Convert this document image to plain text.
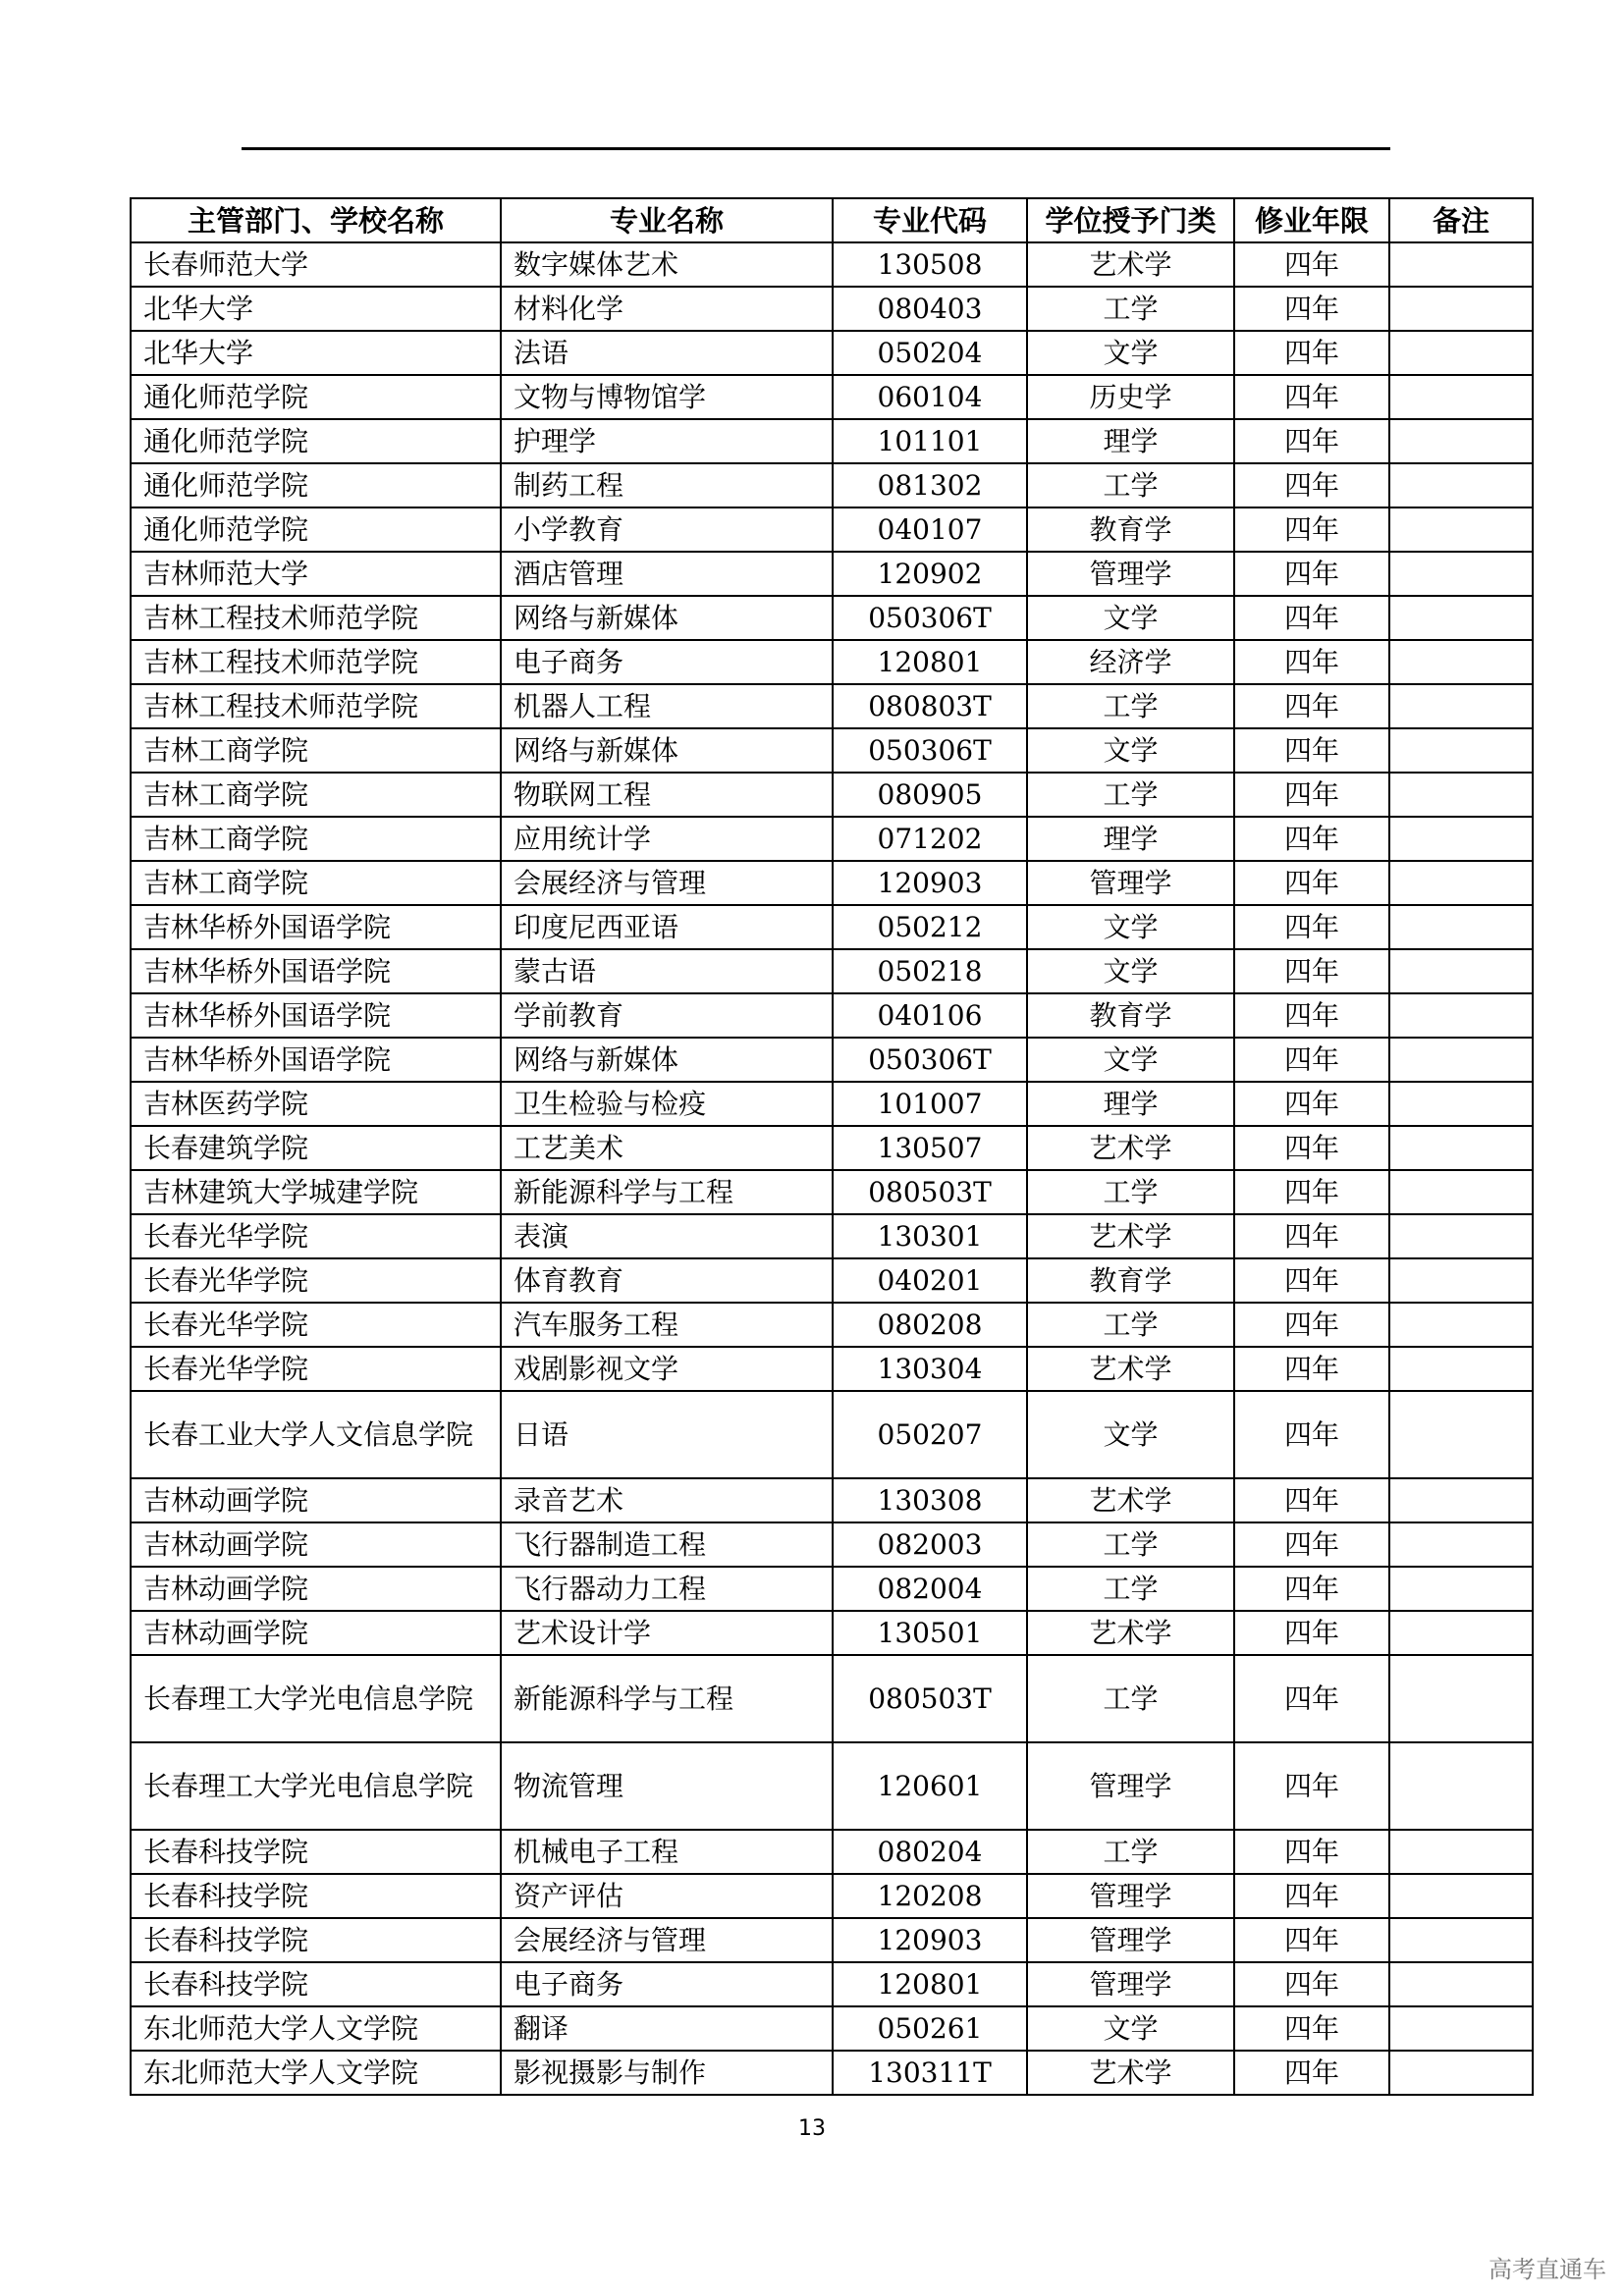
主管部门、学校名称	专业名称	专业代码	学位授予门类	修业年限	备注
长春师范大学	数字媒体艺术	130508	艺术学	四年	
北华大学	材料化学	080403	工学	四年	
北华大学	法语	050204	文学	四年	
通化师范学院	文物与博物馆学	060104	历史学	四年	
通化师范学院	护理学	101101	理学	四年	
通化师范学院	制药工程	081302	工学	四年	
通化师范学院	小学教育	040107	教育学	四年	
吉林师范大学	酒店管理	120902	管理学	四年	
吉林工程技术师范学院	网络与新媒体	050306T	文学	四年	
吉林工程技术师范学院	电子商务	120801	经济学	四年	
吉林工程技术师范学院	机器人工程	080803T	工学	四年	
吉林工商学院	网络与新媒体	050306T	文学	四年	
吉林工商学院	物联网工程	080905	工学	四年	
吉林工商学院	应用统计学	071202	理学	四年	
吉林工商学院	会展经济与管理	120903	管理学	四年	
吉林华桥外国语学院	印度尼西亚语	050212	文学	四年	
吉林华桥外国语学院	蒙古语	050218	文学	四年	
吉林华桥外国语学院	学前教育	040106	教育学	四年	
吉林华桥外国语学院	网络与新媒体	050306T	文学	四年	
吉林医药学院	卫生检验与检疫	101007	理学	四年	
长春建筑学院	工艺美术	130507	艺术学	四年	
吉林建筑大学城建学院	新能源科学与工程	080503T	工学	四年	
长春光华学院	表演	130301	艺术学	四年	
长春光华学院	体育教育	040201	教育学	四年	
长春光华学院	汽车服务工程	080208	工学	四年	
长春光华学院	戏剧影视文学	130304	艺术学	四年	
长春工业大学人文信息学院	日语	050207	文学	四年	
吉林动画学院	录音艺术	130308	艺术学	四年	
吉林动画学院	飞行器制造工程	082003	工学	四年	
吉林动画学院	飞行器动力工程	082004	工学	四年	
吉林动画学院	艺术设计学	130501	艺术学	四年	
长春理工大学光电信息学院	新能源科学与工程	080503T	工学	四年	
长春理工大学光电信息学院	物流管理	120601	管理学	四年	
长春科技学院	机械电子工程	080204	工学	四年	
长春科技学院	资产评估	120208	管理学	四年	
长春科技学院	会展经济与管理	120903	管理学	四年	
长春科技学院	电子商务	120801	管理学	四年	
东北师范大学人文学院	翻译	050261	文学	四年	
东北师范大学人文学院	影视摄影与制作	130311T	艺术学	四年	
13
高考直通车
